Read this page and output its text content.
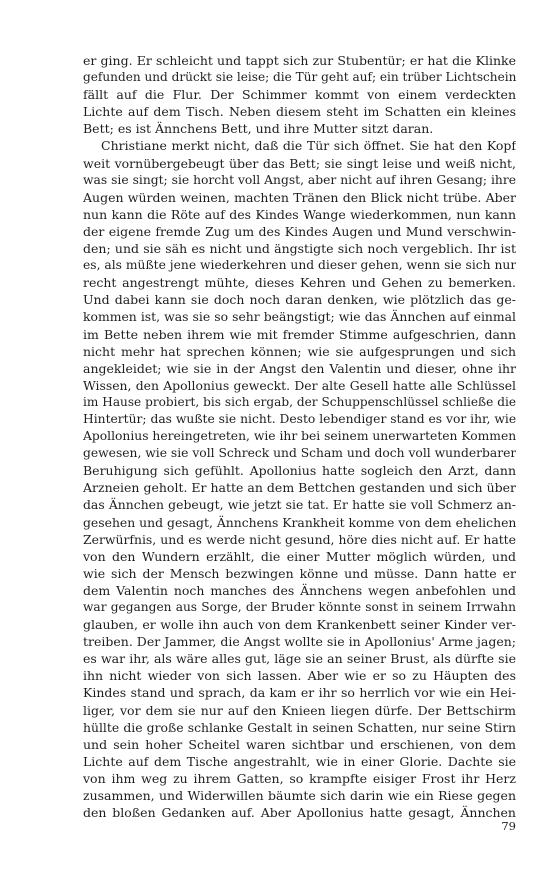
er ging. Er schleicht und tappt sich zur Stubentür; er hat die Klinke
gefunden und drückt sie leise; die Tür geht auf; ein trüber Lichtschein
fällt auf die Flur. Der Schimmer kommt von einem verdeckten
Lichte auf dem Tisch. Neben diesem steht im Schatten ein kleines
Bett; es ist Ännchens Bett, und ihre Mutter sitzt daran.
Christiane merkt nicht, daß die Tür sich öffnet. Sie hat den Kopf
weit vornübergebeugt über das Bett; sie singt leise und weiß nicht,
was sie singt; sie horcht voll Angst, aber nicht auf ihren Gesang; ihre
Augen würden weinen, machten Tränen den Blick nicht trübe. Aber
nun kann die Röte auf des Kindes Wange wiederkommen, nun kann
der eigene fremde Zug um des Kindes Augen und Mund verschwin-
den; und sie säh es nicht und ängstigte sich noch vergeblich. Ihr ist
es, als müßte jene wiederkehren und dieser gehen, wenn sie sich nur
recht angestrengt mühte, dieses Kehren und Gehen zu bemerken.
Und dabei kann sie doch noch daran denken, wie plötzlich das ge-
kommen ist, was sie so sehr beängstigt; wie das Ännchen auf einmal
im Bette neben ihrem wie mit fremder Stimme aufgeschrien, dann
nicht mehr hat sprechen können; wie sie aufgesprungen und sich
angekleidet; wie sie in der Angst den Valentin und dieser, ohne ihr
Wissen, den Apollonius geweckt. Der alte Gesell hatte alle Schlüssel
im Hause probiert, bis sich ergab, der Schuppenschlüssel schließe die
Hintertür; das wußte sie nicht. Desto lebendiger stand es vor ihr, wie
Apollonius hereingetreten, wie ihr bei seinem unerwarteten Kommen
gewesen, wie sie voll Schreck und Scham und doch voll wunderbarer
Beruhigung sich gefühlt. Apollonius hatte sogleich den Arzt, dann
Arzneien geholt. Er hatte an dem Bettchen gestanden und sich über
das Ännchen gebeugt, wie jetzt sie tat. Er hatte sie voll Schmerz an-
gesehen und gesagt, Ännchens Krankheit komme von dem ehelichen
Zerwürfnis, und es werde nicht gesund, höre dies nicht auf. Er hatte
von den Wundern erzählt, die einer Mutter möglich würden, und
wie sich der Mensch bezwingen könne und müsse. Dann hatte er
dem Valentin noch manches des Ännchens wegen anbefohlen und
war gegangen aus Sorge, der Bruder könnte sonst in seinem Irrwahn
glauben, er wolle ihn auch von dem Krankenbett seiner Kinder ver-
treiben. Der Jammer, die Angst wollte sie in Apollonius' Arme jagen;
es war ihr, als wäre alles gut, läge sie an seiner Brust, als dürfte sie
ihn nicht wieder von sich lassen. Aber wie er so zu Häupten des
Kindes stand und sprach, da kam er ihr so herrlich vor wie ein Hei-
liger, vor dem sie nur auf den Knieen liegen dürfe. Der Bettschirm
hüllte die große schlanke Gestalt in seinen Schatten, nur seine Stirn
und sein hoher Scheitel waren sichtbar und erschienen, von dem
Lichte auf dem Tische angestrahlt, wie in einer Glorie. Dachte sie
von ihm weg zu ihrem Gatten, so krampfte eisiger Frost ihr Herz
zusammen, und Widerwillen bäumte sich darin wie ein Riese gegen
den bloßen Gedanken auf. Aber Apollonius hatte gesagt, Ännchen
79
